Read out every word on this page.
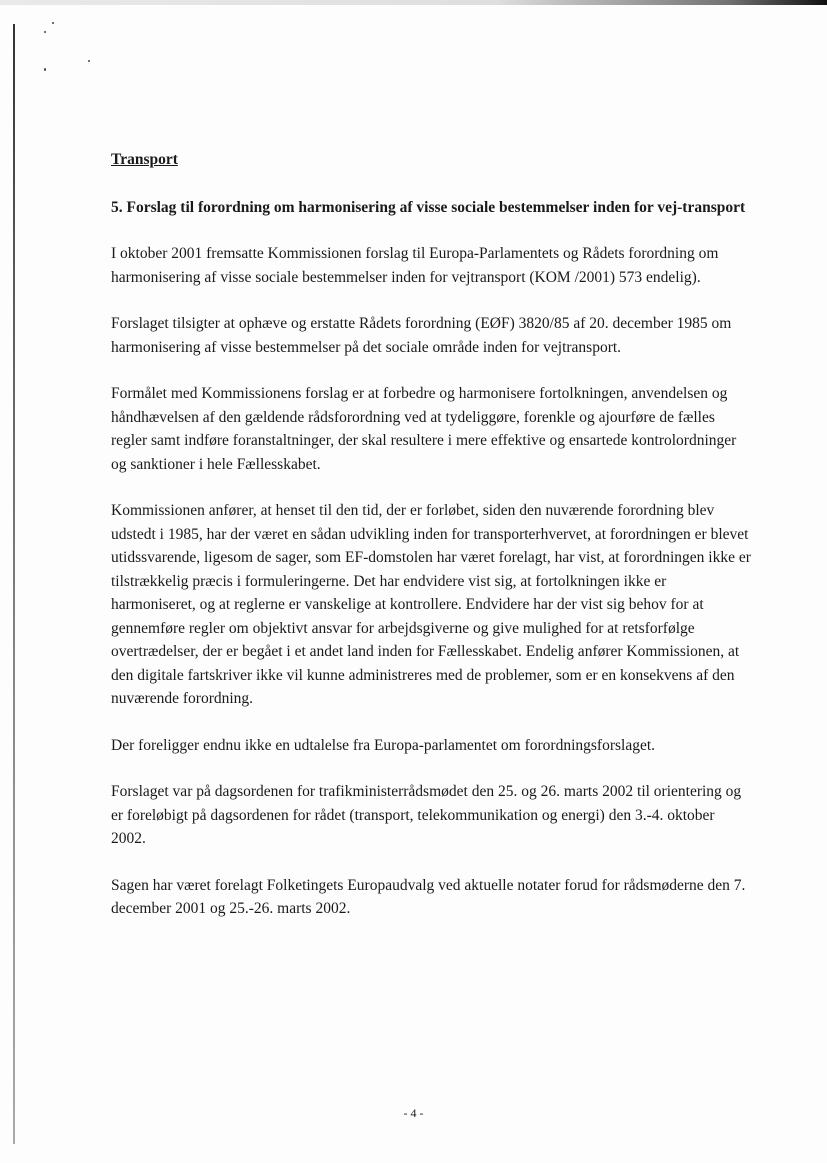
Transport
5. Forslag til forordning om harmonisering af visse sociale bestemmelser inden for vej-transport

I oktober 2001 fremsatte Kommissionen forslag til Europa-Parlamentets og Rådets forordning om harmonisering af visse sociale bestemmelser inden for vejtransport (KOM /2001) 573 endelig).

Forslaget tilsigter at ophæve og erstatte Rådets forordning (EØF) 3820/85 af 20. december 1985 om harmonisering af visse bestemmelser på det sociale område inden for vejtransport.

Formålet med Kommissionens forslag er at forbedre og harmonisere fortolkningen, anvendelsen og håndhævelsen af den gældende rådsforordning ved at tydeliggøre, forenkle og ajourføre de fælles regler samt indføre foranstaltninger, der skal resultere i mere effektive og ensartede kontrolordninger og sanktioner i hele Fællesskabet.

Kommissionen anfører, at henset til den tid, der er forløbet, siden den nuværende forordning blev udstedt i 1985, har der været en sådan udvikling inden for transporterhvervet, at forordningen er blevet utidssvarende, ligesom de sager, som EF-domstolen har været forelagt, har vist, at forordningen ikke er tilstrækkelig præcis i formuleringerne. Det har endvidere vist sig, at fortolkningen ikke er harmoniseret, og at reglerne er vanskelige at kontrollere. Endvidere har der vist sig behov for at gennemføre regler om objektivt ansvar for arbejdsgiverne og give mulighed for at retsforfølge overtrædelser, der er begået i et andet land inden for Fællesskabet. Endelig anfører Kommissionen, at den digitale fartskriver ikke vil kunne administreres med de problemer, som er en konsekvens af den nuværende forordning.

Der foreligger endnu ikke en udtalelse fra Europa-parlamentet om forordningsforslaget.

Forslaget var på dagsordenen for trafikministerrådsmødet den 25. og 26. marts 2002 til orientering og er foreløbigt på dagsordenen for rådet (transport, telekommunikation og energi) den 3.-4. oktober 2002.

Sagen har været forelagt Folketingets Europaudvalg ved aktuelle notater forud for rådsmøderne den 7. december 2001 og 25.-26. marts 2002.

- 4 -
